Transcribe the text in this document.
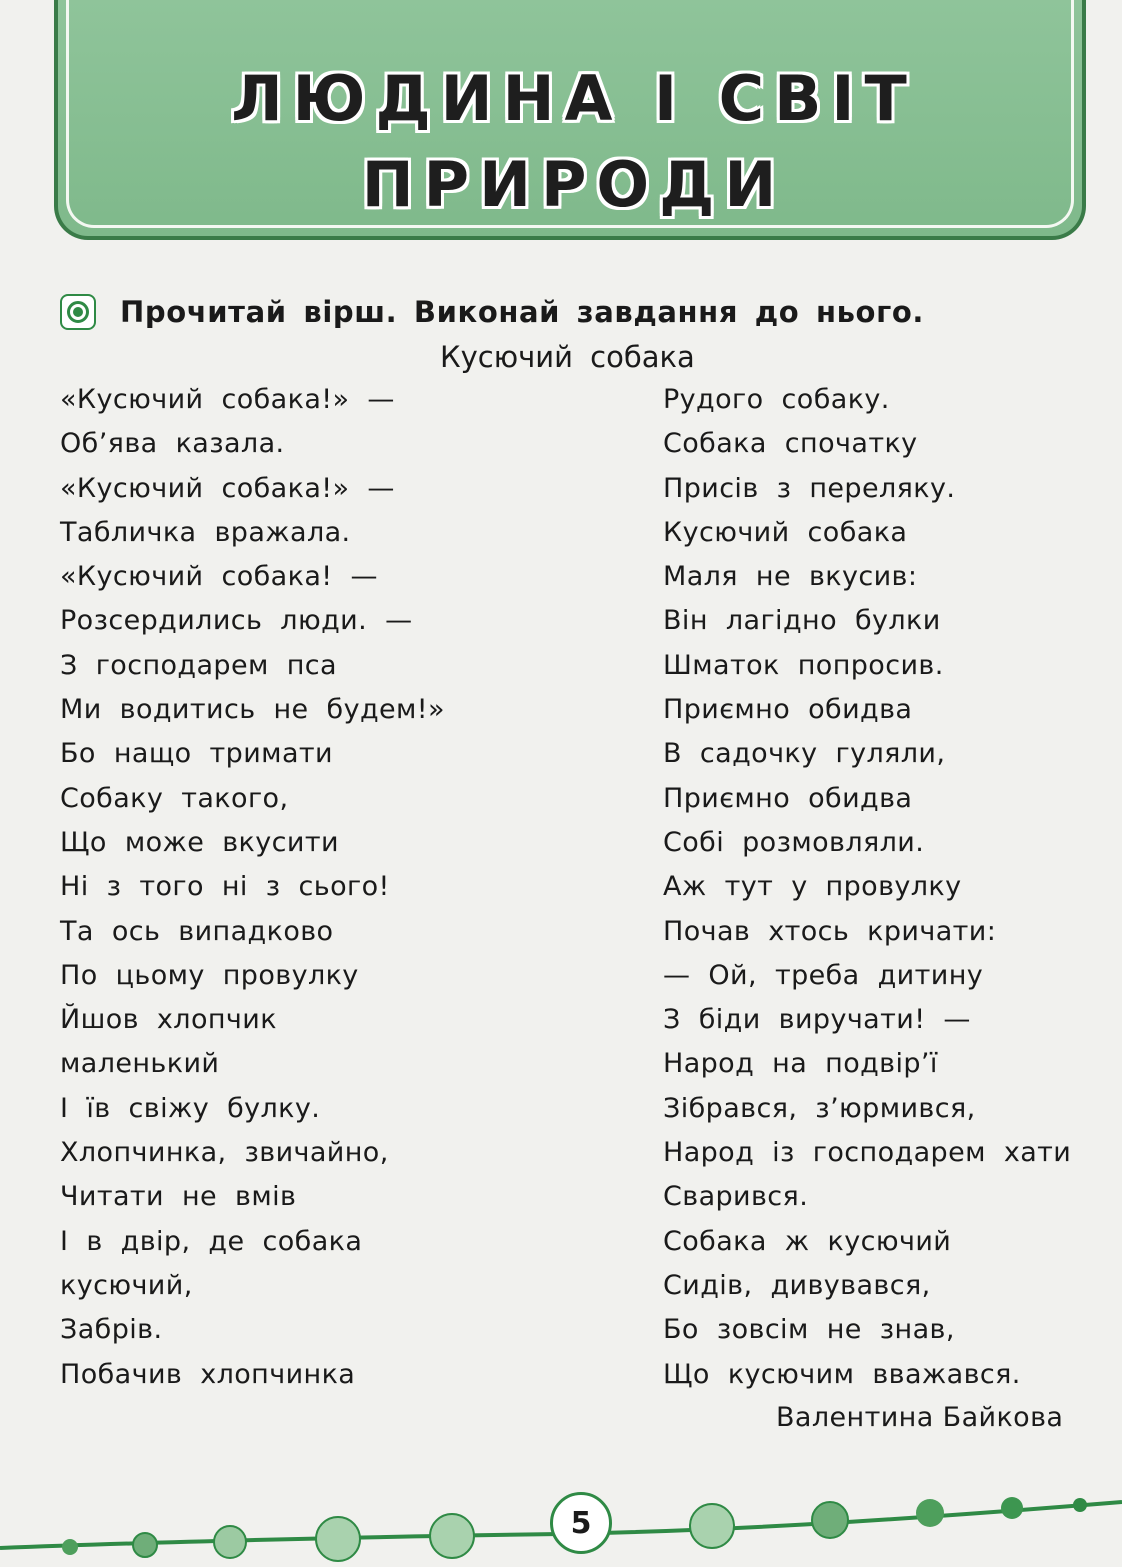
ЛЮДИНА І СВІТ
ПРИРОДИ
Прочитай вірш. Виконай завдання до нього.
Кусючий собака
«Кусючий собака!» —
Об’ява казала.
«Кусючий собака!» —
Табличка вражала.
«Кусючий собака! —
Розсердились люди. —
З господарем пса
Ми водитись не будем!»
Бо нащо тримати
Собаку такого,
Що може вкусити
Ні з того ні з сього!
Та ось випадково
По цьому провулку
Йшов хлопчик
маленький
І їв свіжу булку.
Хлопчинка, звичайно,
Читати не вмів
І в двір, де собака
кусючий,
Забрів.
Побачив хлопчинка
Рудого собаку.
Собака спочатку
Присів з переляку.
Кусючий собака
Маля не вкусив:
Він лагідно булки
Шматок попросив.
Приємно обидва
В садочку гуляли,
Приємно обидва
Собі розмовляли.
Аж тут у провулку
Почав хтось кричати:
— Ой, треба дитину
З біди виручати! —
Народ на подвір’ї
Зібрався, з’юрмився,
Народ із господарем хати
Сварився.
Собака ж кусючий
Сидів, дивувався,
Бо зовсім не знав,
Що кусючим вважався.
Валентина Байкова
5
